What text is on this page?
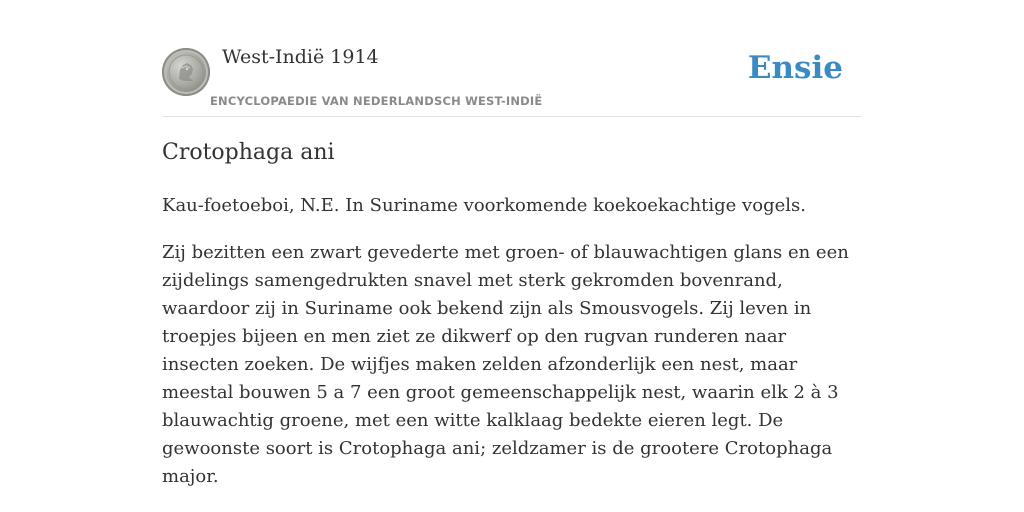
West-Indië 1914
ENCYCLOPAEDIE VAN NEDERLANDSCH WEST-INDIË
Ensie
Crotophaga ani

Kau-foetoeboi, N.E. In Suriname voorkomende koekoekachtige vogels.

Zij bezitten een zwart gevederte met groen- of blauwachtigen glans en een zijdelings samengedrukten snavel met sterk gekromden bovenrand, waardoor zij in Suriname ook bekend zijn als Smousvogels. Zij leven in troepjes bijeen en men ziet ze dikwerf op den rugvan runderen naar insecten zoeken. De wijfjes maken zelden afzonderlijk een nest, maar meestal bouwen 5 a 7 een groot gemeenschappelijk nest, waarin elk 2 à 3 blauwachtig groene, met een witte kalklaag bedekte eieren legt. De gewoonste soort is Crotophaga ani; zeldzamer is de grootere Crotophaga major.
